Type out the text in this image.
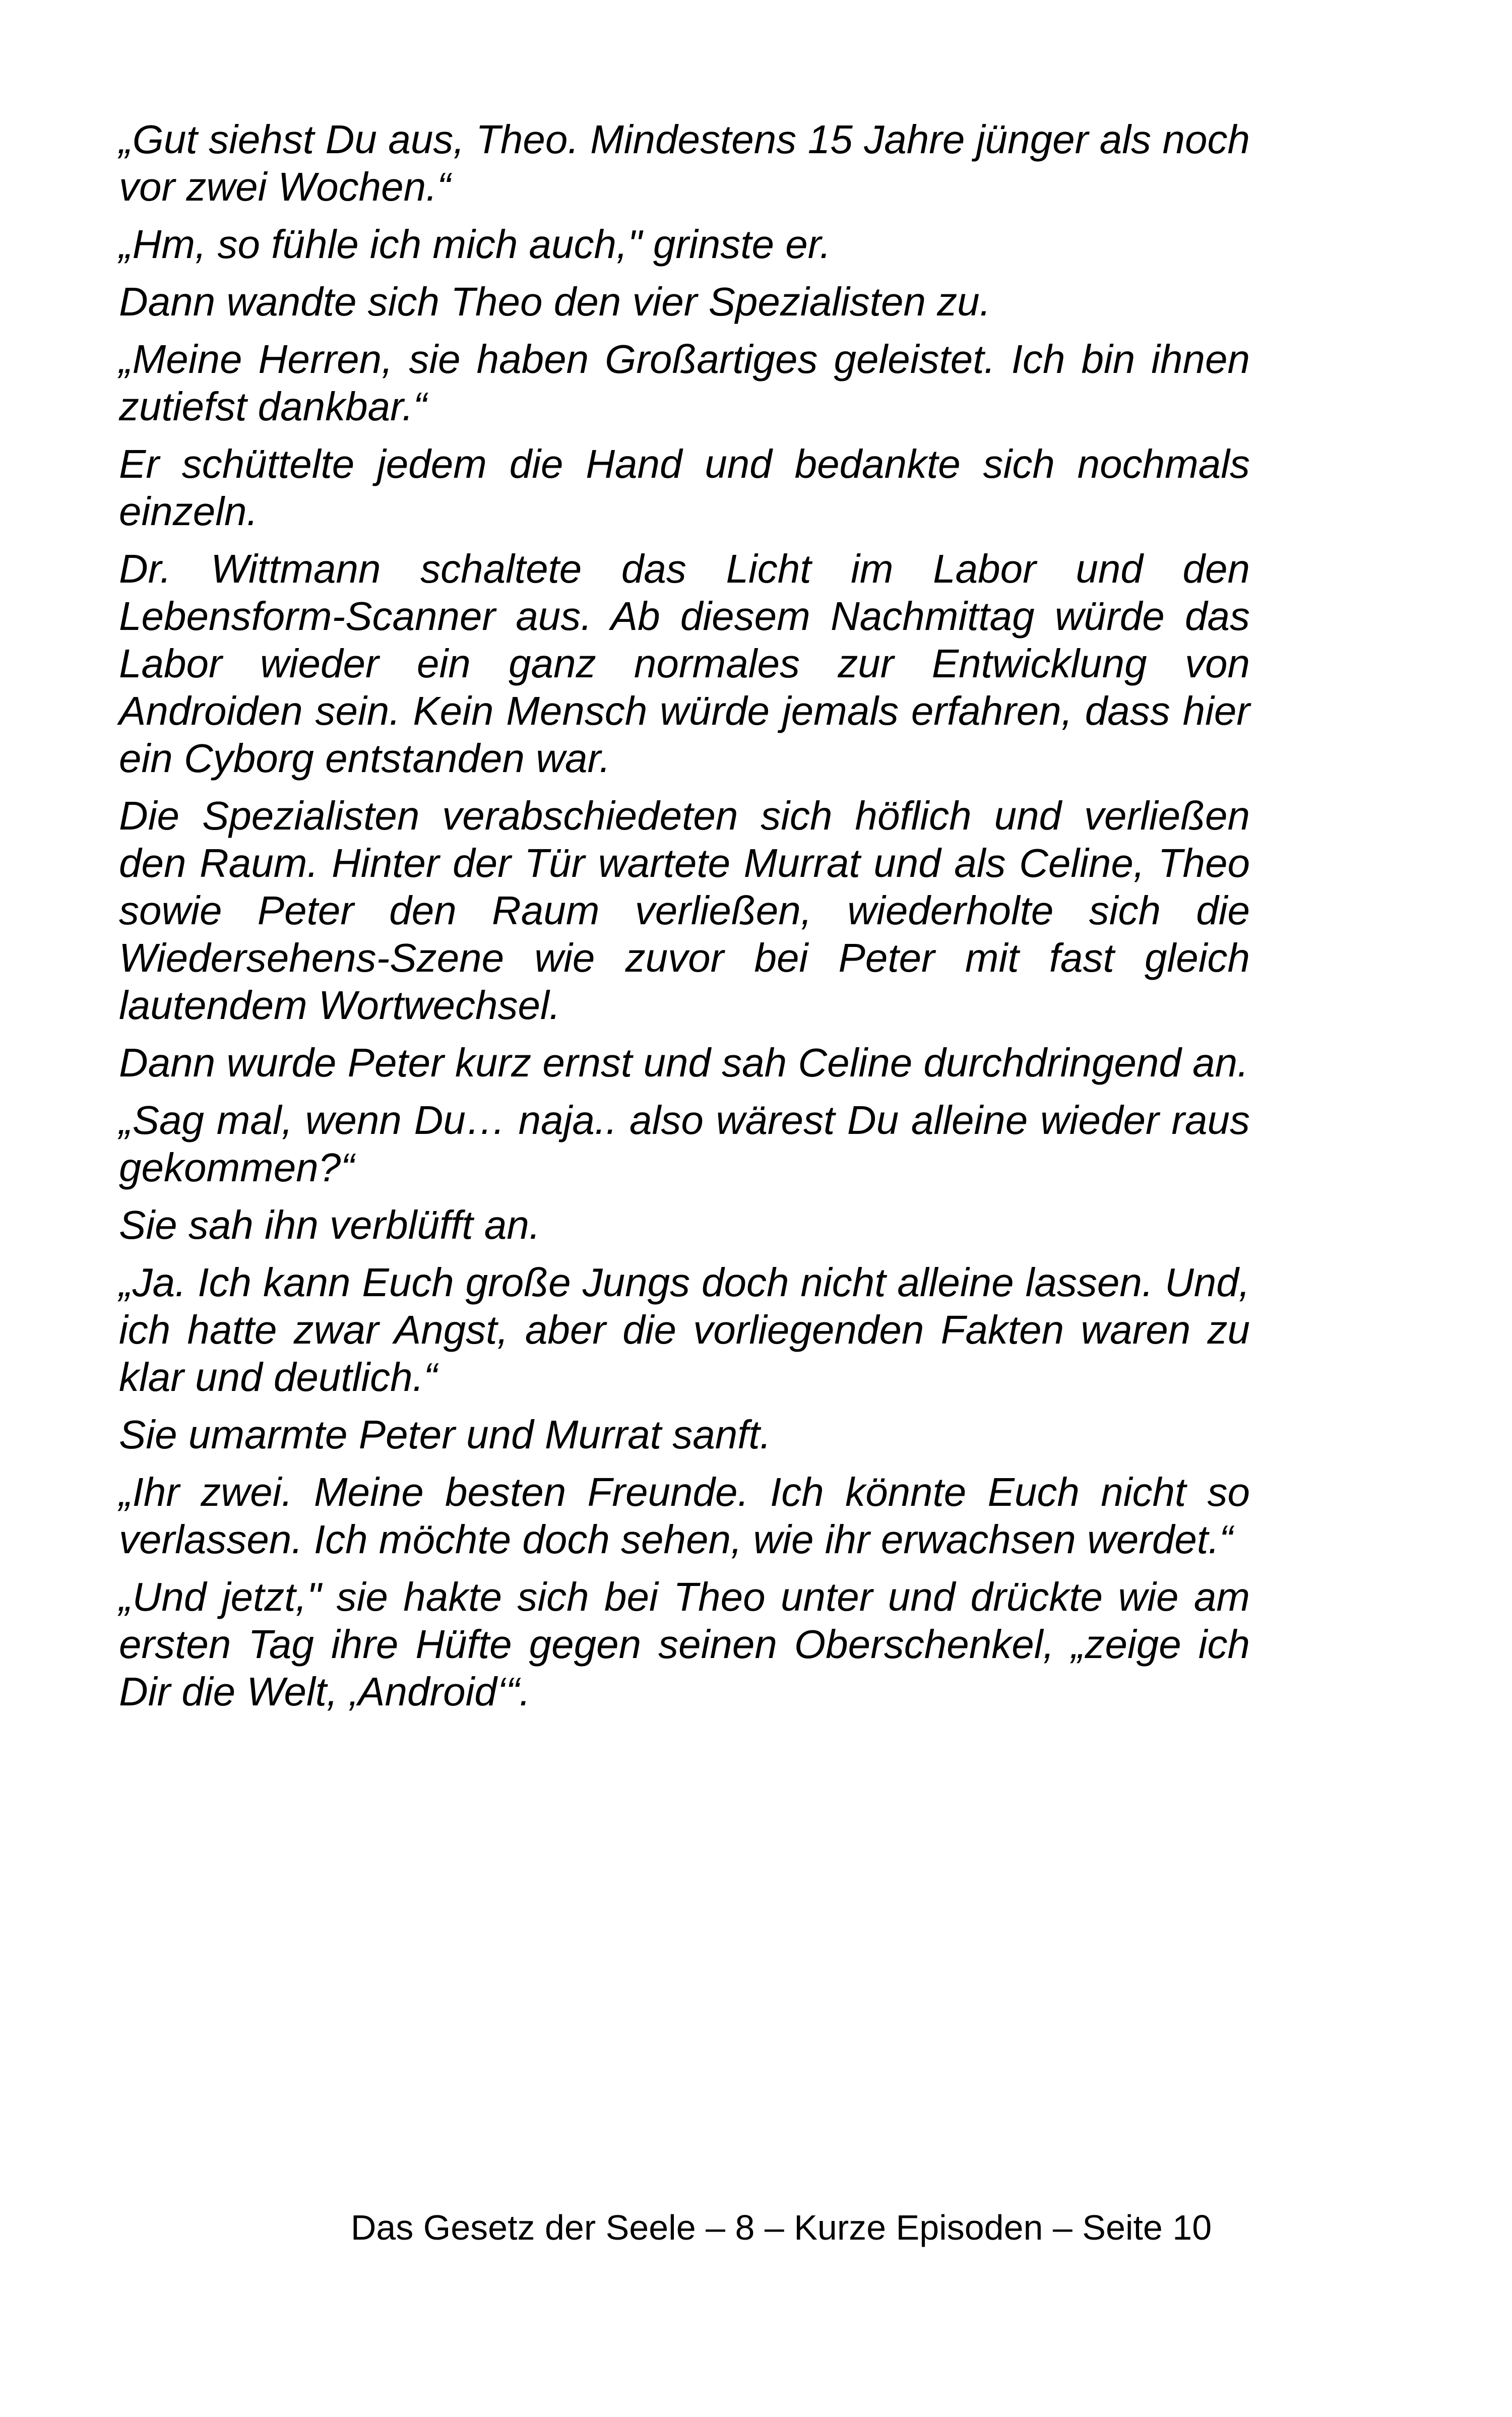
„Gut siehst Du aus, Theo. Mindestens 15 Jahre jünger als noch vor zwei Wochen.“

„Hm, so fühle ich mich auch," grinste er.

Dann wandte sich Theo den vier Spezialisten zu.

„Meine Herren, sie haben Großartiges geleistet. Ich bin ihnen zutiefst dankbar.“

Er schüttelte jedem die Hand und bedankte sich nochmals einzeln.

Dr. Wittmann schaltete das Licht im Labor und den Lebensform-Scanner aus. Ab diesem Nachmittag würde das Labor wieder ein ganz normales zur Entwicklung von Androiden sein. Kein Mensch würde jemals erfahren, dass hier ein Cyborg entstanden war.

Die Spezialisten verabschiedeten sich höflich und verließen den Raum. Hinter der Tür wartete Murrat und als Celine, Theo sowie Peter den Raum verließen, wiederholte sich die Wiedersehens-Szene wie zuvor bei Peter mit fast gleich lautendem Wortwechsel.

Dann wurde Peter kurz ernst und sah Celine durchdringend an.

„Sag mal, wenn Du… naja.. also wärest Du alleine wieder raus gekommen?“

Sie sah ihn verblüfft an.

„Ja. Ich kann Euch große Jungs doch nicht alleine lassen. Und, ich hatte zwar Angst, aber die vorliegenden Fakten waren zu klar und deutlich.“

Sie umarmte Peter und Murrat sanft.

„Ihr zwei. Meine besten Freunde. Ich könnte Euch nicht so verlassen. Ich möchte doch sehen, wie ihr erwachsen werdet.“

„Und jetzt," sie hakte sich bei Theo unter und drückte wie am ersten Tag ihre Hüfte gegen seinen Oberschenkel, „zeige ich Dir die Welt, ‚Android‘“.

Das Gesetz der Seele – 8 – Kurze Episoden – Seite 10
